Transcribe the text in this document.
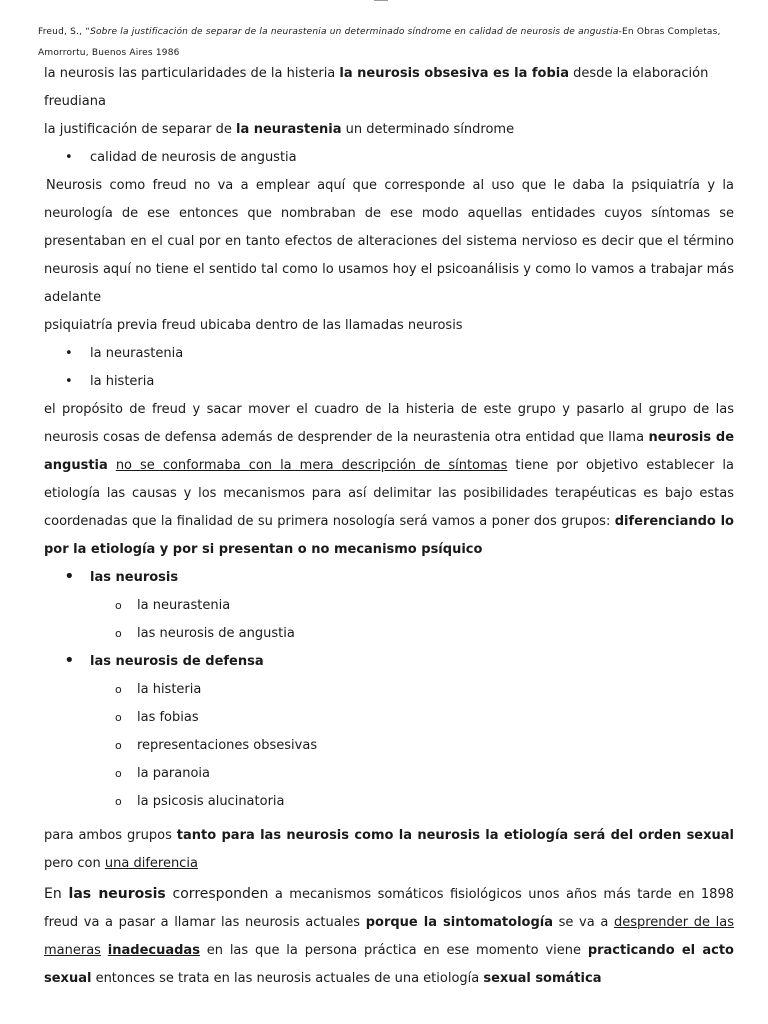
Freud, S., “Sobre la justificación de separar de la neurastenia un determinado síndrome en calidad de neurosis de angustia-En Obras Completas,
Amorrortu, Buenos Aires 1986

la neurosis las particularidades de la histeria la neurosis obsesiva es la fobia desde la elaboración
freudiana

la justificación de separar de la neurastenia un determinado síndrome

• calidad de neurosis de angustia

Neurosis como freud no va a emplear aquí que corresponde al uso que le daba la psiquiatría y la neurología de ese entonces que nombraban de ese modo aquellas entidades cuyos síntomas se presentaban en el cual por en tanto efectos de alteraciones del sistema nervioso es decir que el término neurosis aquí no tiene el sentido tal como lo usamos hoy el psicoanálisis y como lo vamos a trabajar más adelante

psiquiatría previa freud ubicaba dentro de las llamadas neurosis

• la neurastenia
• la histeria

el propósito de freud y sacar mover el cuadro de la histeria de este grupo y pasarlo al grupo de las neurosis cosas de defensa además de desprender de la neurastenia otra entidad que llama neurosis de angustia no se conformaba con la mera descripción de síntomas tiene por objetivo establecer la etiología las causas y los mecanismos para así delimitar las posibilidades terapéuticas es bajo estas coordenadas que la finalidad de su primera nosología será vamos a poner dos grupos: diferenciando lo por la etiología y por si presentan o no mecanismo psíquico

• las neurosis
o la neurastenia
o las neurosis de angustia
• las neurosis de defensa
o la histeria
o las fobias
o representaciones obsesivas
o la paranoia
o la psicosis alucinatoria

para ambos grupos tanto para las neurosis como la neurosis la etiología será del orden sexual pero con una diferencia

En las neurosis corresponden a mecanismos somáticos fisiológicos unos años más tarde en 1898 freud va a pasar a llamar las neurosis actuales porque la sintomatología se va a desprender de las maneras inadecuadas en las que la persona práctica en ese momento viene practicando el acto sexual entonces se trata en las neurosis actuales de una etiología sexual somática
